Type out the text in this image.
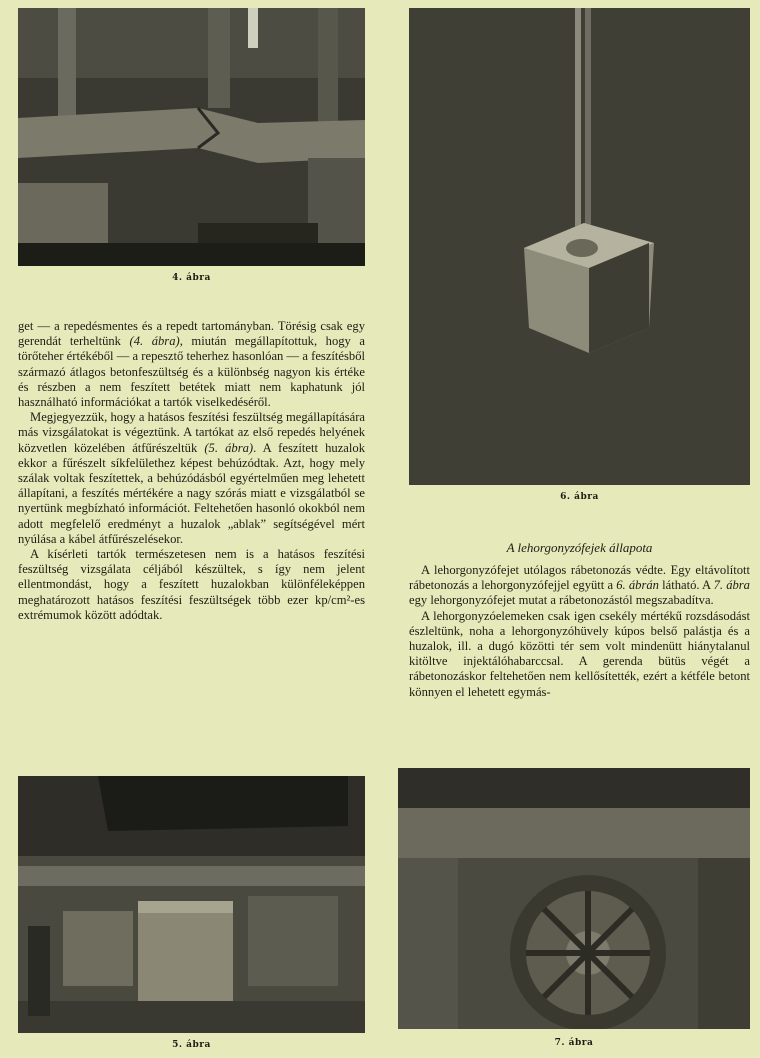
4. ábra
6. ábra

get — a repedésmentes és a repedt tartományban. Törésig csak egy gerendát terheltünk (4. ábra), miután megállapítottuk, hogy a törőteher értékéből — a repesztő teherhez hasonlóan — a feszítésből származó átlagos betonfeszültség és a különbség nagyon kis értéke és részben a nem feszített betétek miatt nem kaphatunk jól használható információkat a tartók viselkedéséről.

Megjegyezzük, hogy a hatásos feszítési feszültség megállapítására más vizsgálatokat is végeztünk. A tartókat az első repedés helyének közvetlen közelében átfűrészeltük (5. ábra). A feszített huzalok ekkor a fűrészelt síkfelülethez képest behúzódtak. Azt, hogy mely szálak voltak feszítettek, a behúzódásból egyértelműen meg lehetett állapítani, a feszítés mértékére a nagy szórás miatt e vizsgálatból se nyertünk megbízható információt. Feltehetően hasonló okokból nem adott megfelelő eredményt a huzalok „ablak” segítségével mért nyúlása a kábel átfűrészelésekor.

A kísérleti tartók természetesen nem is a hatásos feszítési feszültség vizsgálata céljából készültek, s így nem jelent ellentmondást, hogy a feszített huzalokban különféleképpen meghatározott hatásos feszítési feszültségek több ezer kp/cm²-es extrémumok között adódtak.

A lehorgonyzófejek állapota

A lehorgonyzófejet utólagos rábetonozás védte. Egy eltávolított rábetonozás a lehorgonyzófejjel együtt a 6. ábrán látható. A 7. ábra egy lehorgonyzófejet mutat a rábetonozástól megszabadítva.

A lehorgonyzóelemeken csak igen csekély mértékű rozsdásodást észleltünk, noha a lehorgonyzóhüvely kúpos belső palástja és a huzalok, ill. a dugó közötti tér sem volt mindenütt hiánytalanul kitöltve injektálóhabarccsal. A gerenda bütüs végét a rábetonozáskor feltehetően nem kellősítették, ezért a kétféle betont könnyen el lehetett egymás-

5. ábra	7. ábra
